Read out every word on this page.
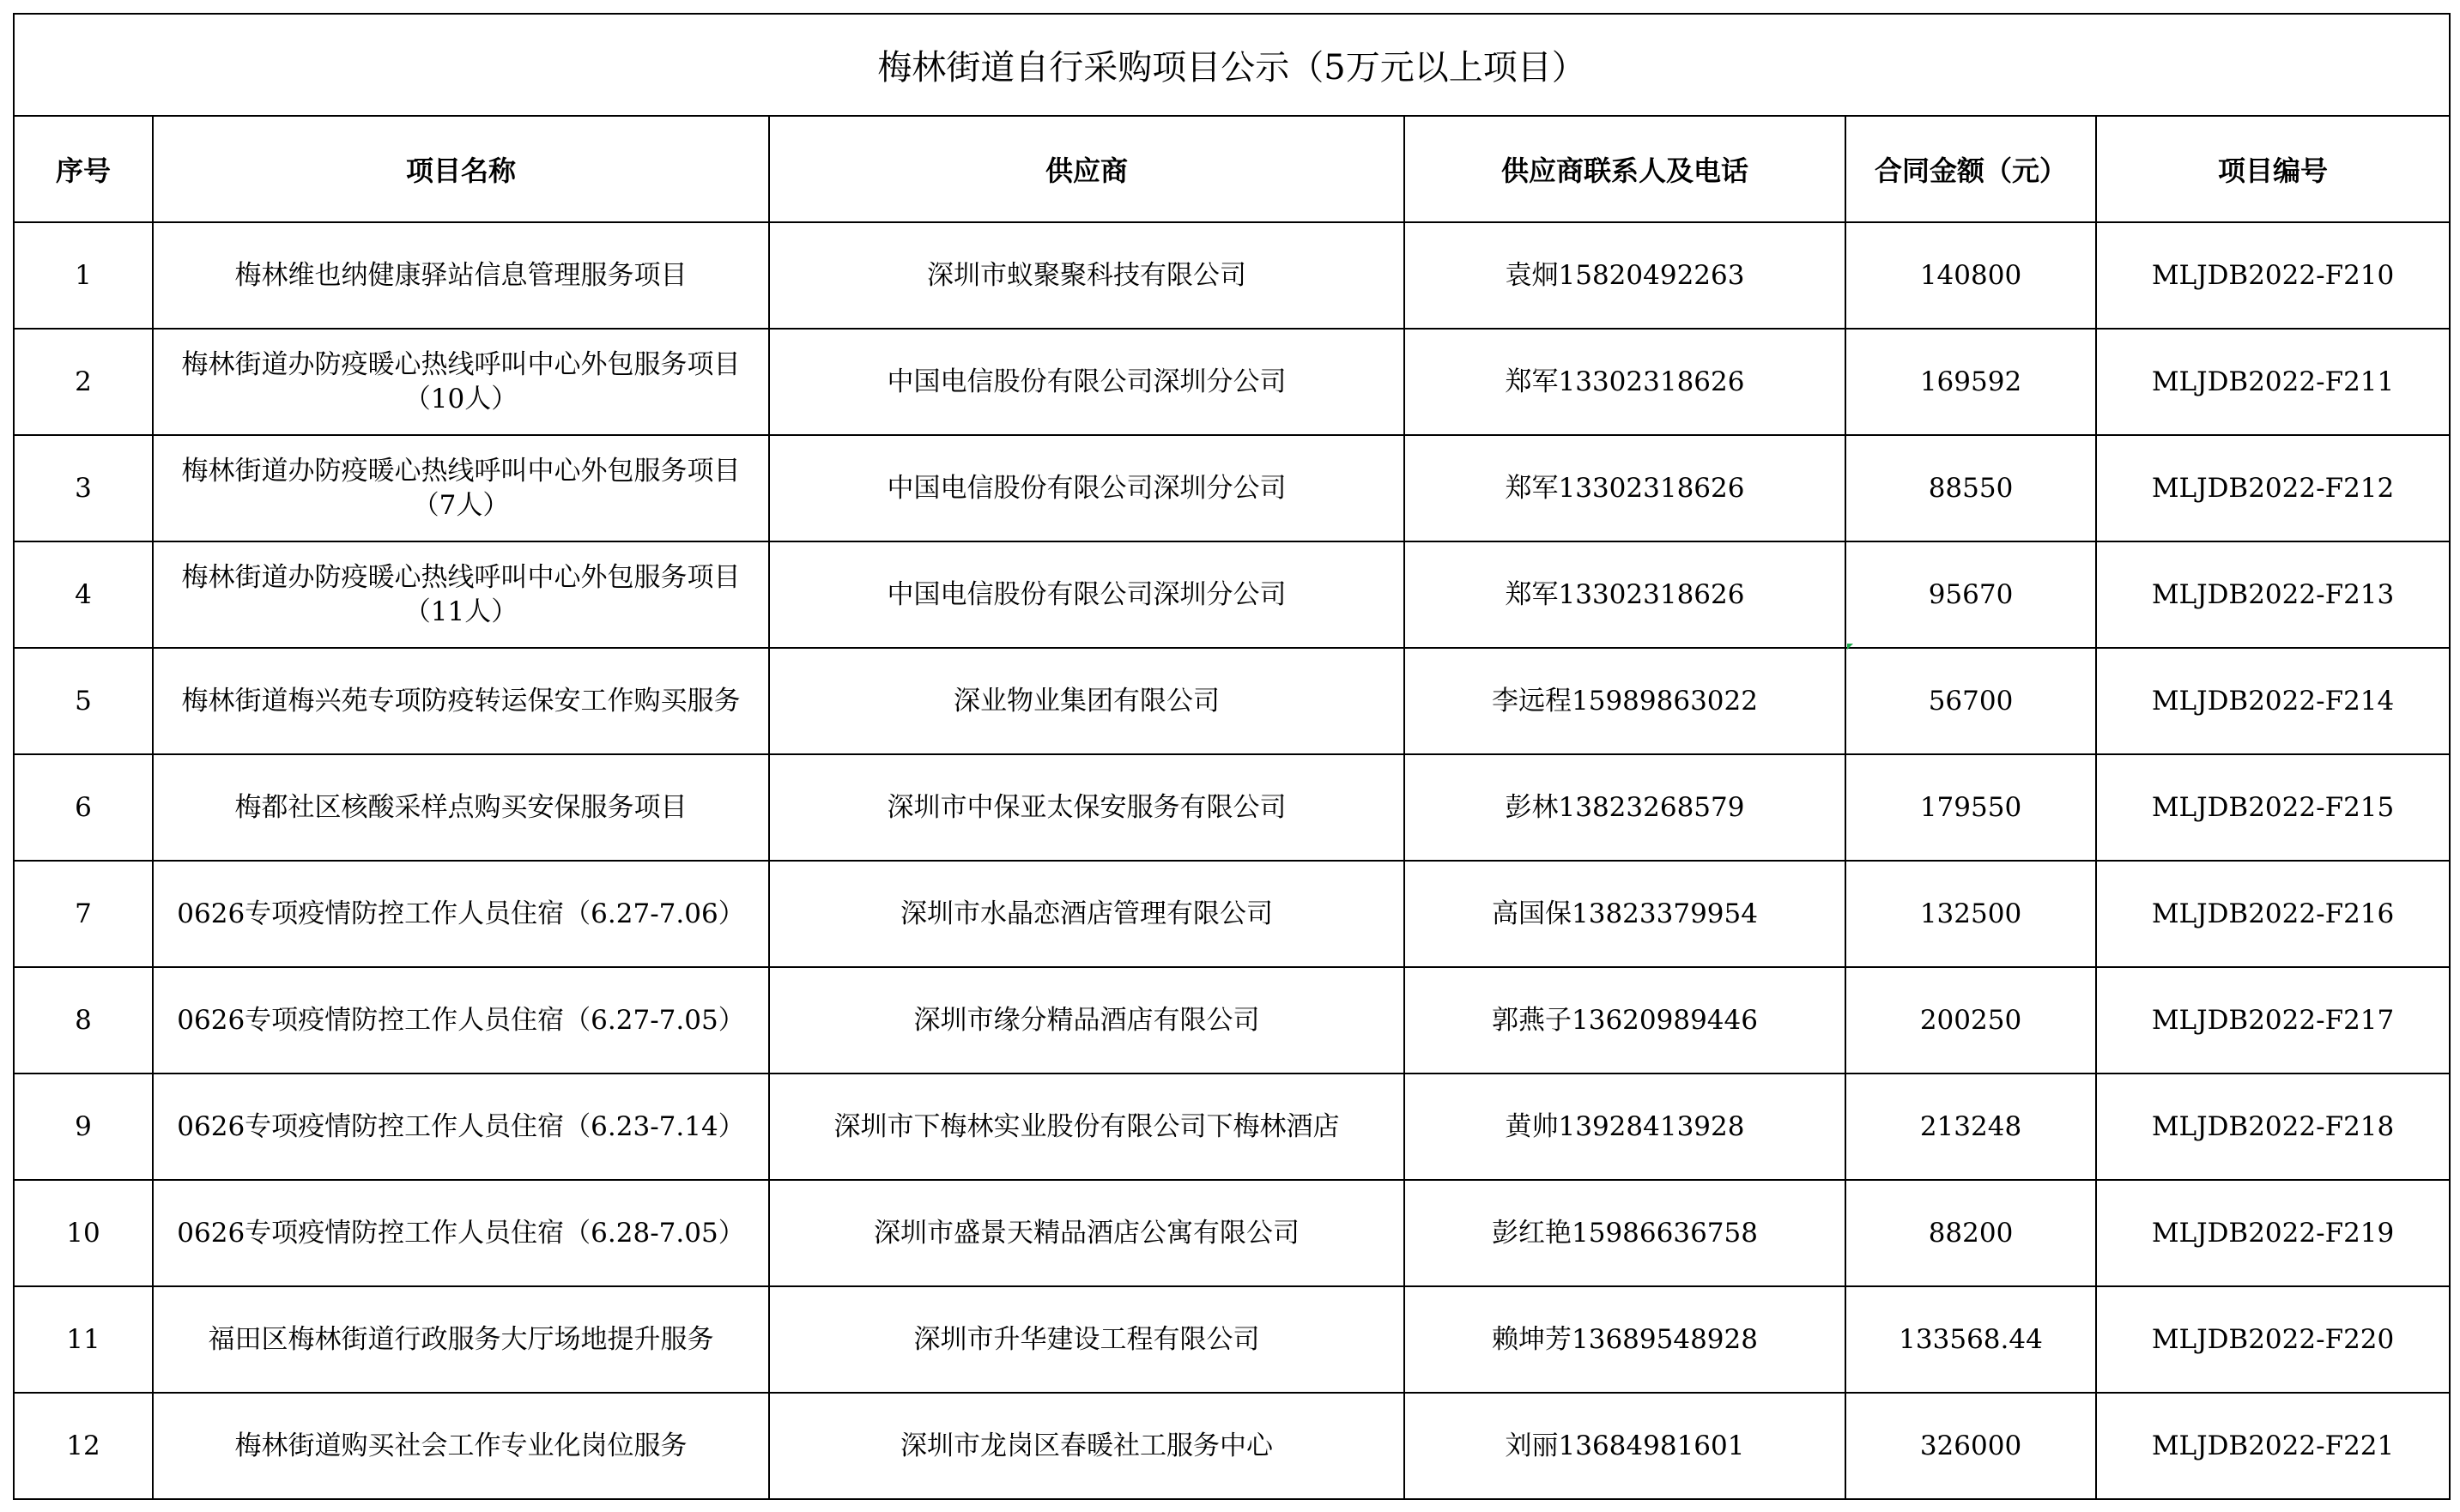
梅林街道自行采购项目公示（5万元以上项目）					
序号	项目名称	供应商	供应商联系人及电话	合同金额（元）	项目编号
1	梅林维也纳健康驿站信息管理服务项目	深圳市蚁聚聚科技有限公司	袁炯15820492263	140800	MLJDB2022-F210
2	梅林街道办防疫暖心热线呼叫中心外包服务项目（10人）	中国电信股份有限公司深圳分公司	郑军13302318626	169592	MLJDB2022-F211
3	梅林街道办防疫暖心热线呼叫中心外包服务项目（7人）	中国电信股份有限公司深圳分公司	郑军13302318626	88550	MLJDB2022-F212
4	梅林街道办防疫暖心热线呼叫中心外包服务项目（11人）	中国电信股份有限公司深圳分公司	郑军13302318626	95670	MLJDB2022-F213
5	梅林街道梅兴苑专项防疫转运保安工作购买服务	深业物业集团有限公司	李远程15989863022	56700	MLJDB2022-F214
6	梅都社区核酸采样点购买安保服务项目	深圳市中保亚太保安服务有限公司	彭林13823268579	179550	MLJDB2022-F215
7	0626专项疫情防控工作人员住宿（6.27-7.06）	深圳市水晶恋酒店管理有限公司	高国保13823379954	132500	MLJDB2022-F216
8	0626专项疫情防控工作人员住宿（6.27-7.05）	深圳市缘分精品酒店有限公司	郭燕子13620989446	200250	MLJDB2022-F217
9	0626专项疫情防控工作人员住宿（6.23-7.14）	深圳市下梅林实业股份有限公司下梅林酒店	黄帅13928413928	213248	MLJDB2022-F218
10	0626专项疫情防控工作人员住宿（6.28-7.05）	深圳市盛景天精品酒店公寓有限公司	彭红艳15986636758	88200	MLJDB2022-F219
11	福田区梅林街道行政服务大厅场地提升服务	深圳市升华建设工程有限公司	赖坤芳13689548928	133568.44	MLJDB2022-F220
12	梅林街道购买社会工作专业化岗位服务	深圳市龙岗区春暖社工服务中心	刘丽13684981601	326000	MLJDB2022-F221
